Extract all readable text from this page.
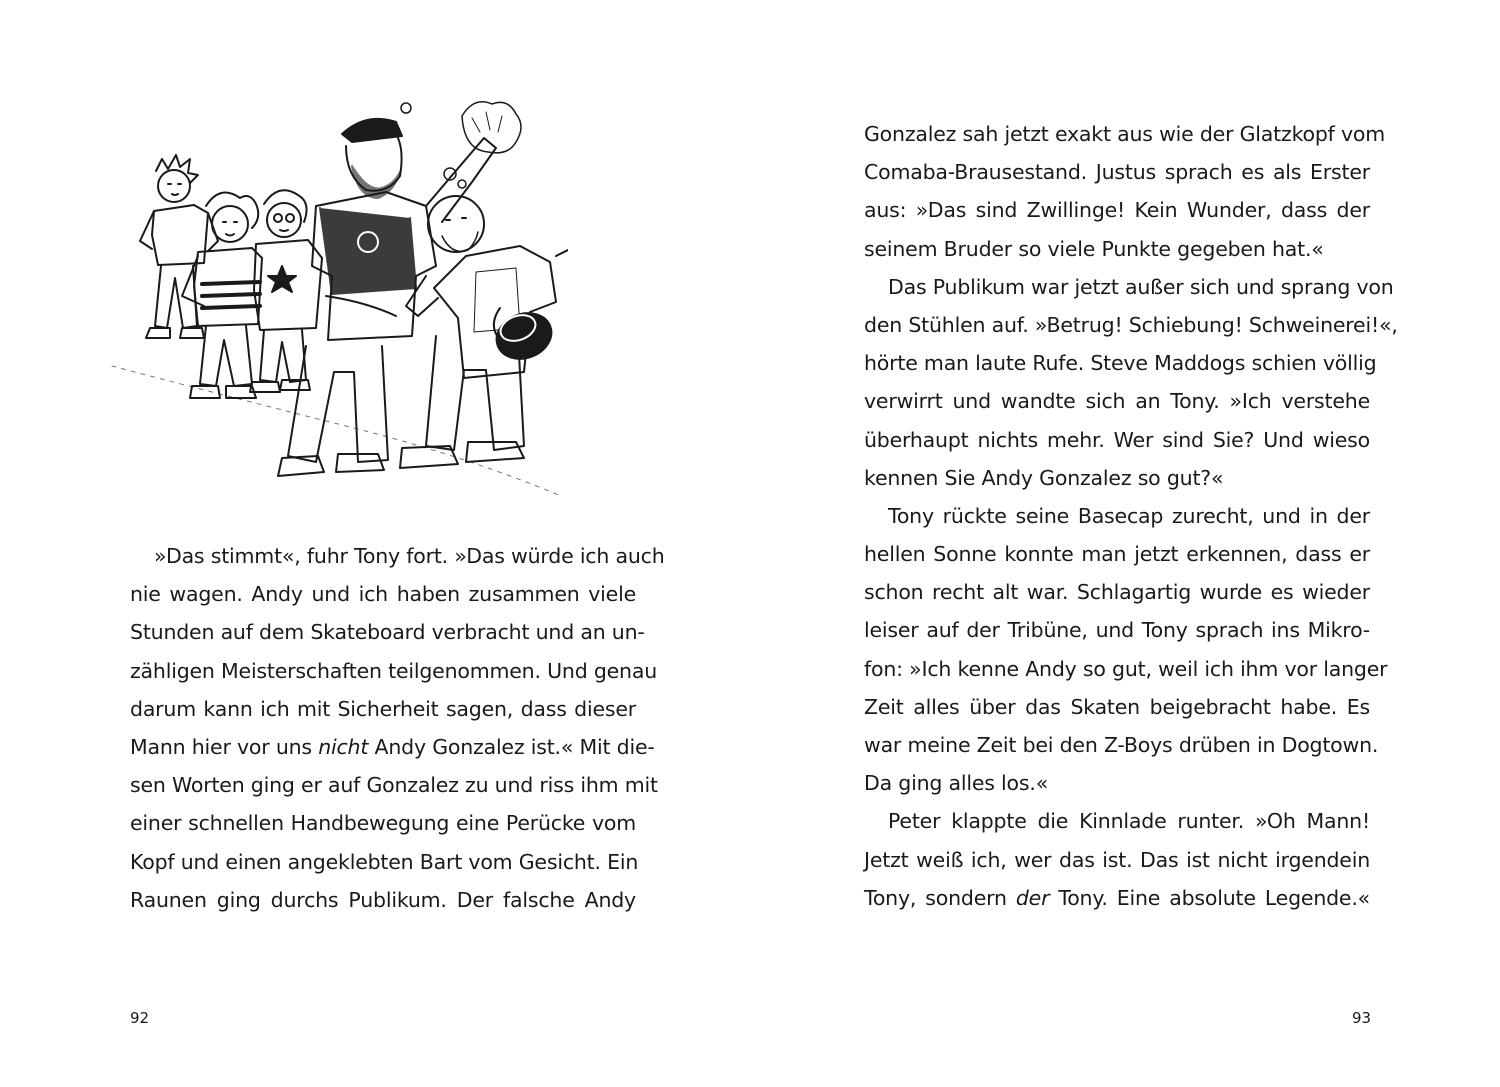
»Das stimmt«, fuhr Tony fort. »Das würde ich auch
nie wagen. Andy und ich haben zusammen viele
Stunden auf dem Skateboard verbracht und an un-
zähligen Meisterschaften teilgenommen. Und genau
darum kann ich mit Sicherheit sagen, dass dieser
Mann hier vor uns nicht Andy Gonzalez ist.« Mit die-
sen Worten ging er auf Gonzalez zu und riss ihm mit
einer schnellen Handbewegung eine Perücke vom
Kopf und einen angeklebten Bart vom Gesicht. Ein
Raunen ging durchs Publikum. Der falsche Andy
92
Gonzalez sah jetzt exakt aus wie der Glatzkopf vom
Comaba-Brausestand. Justus sprach es als Erster
aus: »Das sind Zwillinge! Kein Wunder, dass der
seinem Bruder so viele Punkte gegeben hat.«
Das Publikum war jetzt außer sich und sprang von
den Stühlen auf. »Betrug! Schiebung! Schweinerei!«,
hörte man laute Rufe. Steve Maddogs schien völlig
verwirrt und wandte sich an Tony. »Ich verstehe
überhaupt nichts mehr. Wer sind Sie? Und wieso
kennen Sie Andy Gonzalez so gut?«
Tony rückte seine Basecap zurecht, und in der
hellen Sonne konnte man jetzt erkennen, dass er
schon recht alt war. Schlagartig wurde es wieder
leiser auf der Tribüne, und Tony sprach ins Mikro-
fon: »Ich kenne Andy so gut, weil ich ihm vor langer
Zeit alles über das Skaten beigebracht habe. Es
war meine Zeit bei den Z-Boys drüben in Dogtown.
Da ging alles los.«
Peter klappte die Kinnlade runter. »Oh Mann!
Jetzt weiß ich, wer das ist. Das ist nicht irgendein
Tony, sondern der Tony. Eine absolute Legende.«
93
